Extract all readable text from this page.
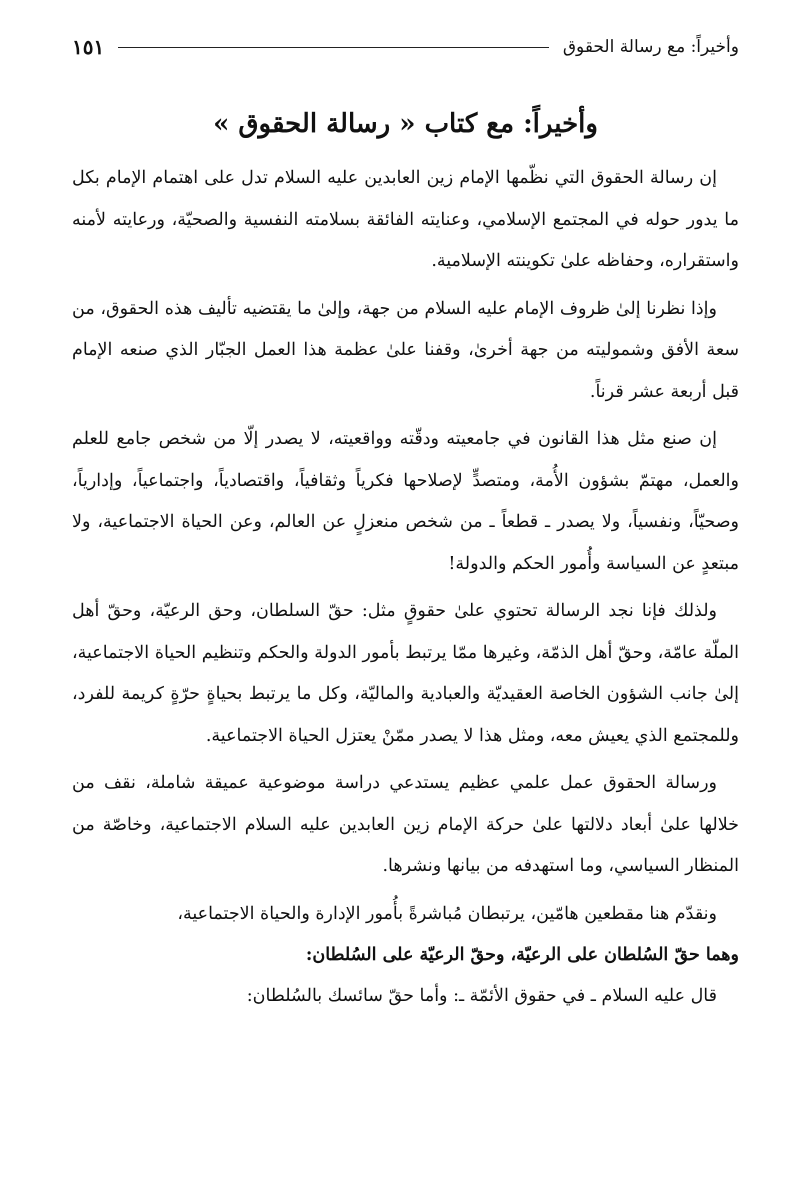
وأخيراً: مع رسالة الحقوق
١٥١
وأخيراً: مع كتاب « رسالة الحقوق »

إن رسالة الحقوق التي نظّمها الإمام زين العابدين عليه السلام تدل على اهتمام الإمام بكل ما يدور حوله في المجتمع الإسلامي، وعنايته الفائقة بسلامته النفسية والصحيّة، ورعايته لأمنه واستقراره، وحفاظه علىٰ تكوينته الإسلامية.

وإذا نظرنا إلىٰ ظروف الإمام عليه السلام من جهة، وإلىٰ ما يقتضيه تأليف هذه الحقوق، من سعة الأفق وشموليته من جهة أخرىٰ، وقفنا علىٰ عظمة هذا العمل الجبّار الذي صنعه الإمام قبل أربعة عشر قرناً.

إن صنع مثل هذا القانون في جامعيته ودقّته وواقعيته، لا يصدر إلّا من شخص جامع للعلم والعمل، مهتمّ بشؤون الأُمة، ومتصدٍّ لإصلاحها فكرياً وثقافياً، واقتصادياً، واجتماعياً، وإدارياً، وصحيّاً، ونفسياً، ولا يصدر ـ قطعاً ـ من شخص منعزلٍ عن العالم، وعن الحياة الاجتماعية، ولا مبتعدٍ عن السياسة وأُمور الحكم والدولة!

ولذلك فإنا نجد الرسالة تحتوي علىٰ حقوقٍ مثل: حقّ السلطان، وحق الرعيّة، وحقّ أهل الملّة عامّة، وحقّ أهل الذمّة، وغيرها ممّا يرتبط بأمور الدولة والحكم وتنظيم الحياة الاجتماعية، إلىٰ جانب الشؤون الخاصة العقيديّة والعبادية والماليّة، وكل ما يرتبط بحياةٍ حرّةٍ كريمة للفرد، وللمجتمع الذي يعيش معه، ومثل هذا لا يصدر ممّنْ يعتزل الحياة الاجتماعية.

ورسالة الحقوق عمل علمي عظيم يستدعي دراسة موضوعية عميقة شاملة، نقف من خلالها علىٰ أبعاد دلالتها علىٰ حركة الإمام زين العابدين عليه السلام الاجتماعية، وخاصّة من المنظار السياسي، وما استهدفه من بيانها ونشرها.

ونقدّم هنا مقطعين هامّين، يرتبطان مُباشرةً بأُمور الإدارة والحياة الاجتماعية،

وهما حقّ السُلطان على الرعيّة، وحقّ الرعيّة على السُلطان:

قال عليه السلام ـ في حقوق الأئمّة ـ: وأما حقّ سائسك بالسُلطان:
